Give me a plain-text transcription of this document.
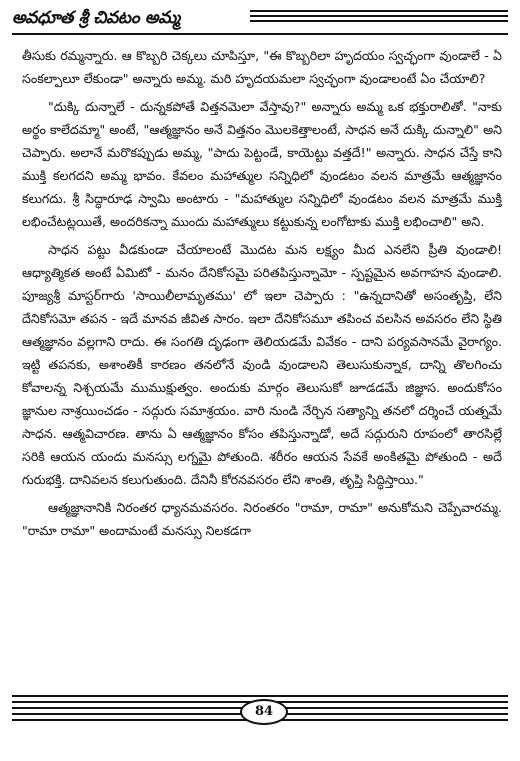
అవధూత శ్రీ చివటం అమ్మ

తీసుకు రమ్మన్నారు. ఆ కొబ్బరి చెక్కలు చూపిస్తూ, "ఈ కొబ్బరిలా హృదయం స్వచ్ఛంగా వుండాలే - ఏ సంకల్పాలూ లేకుండా" అన్నారు అమ్మ. మరి హృదయమలా స్వచ్ఛంగా వుండాలంటే ఏం చేయాలి?

"దుక్కి దున్నాలే - దున్నకపోతే విత్తనమెలా వేస్తావు?" అన్నారు అమ్మ ఒక భక్తురాలితో. "నాకు అర్థం కాలేదమ్మా" అంటే, "ఆత్మజ్ఞానం అనే విత్తనం మొలకెత్తాలంటే, సాధన అనే దుక్కి దున్నాలి" అని చెప్పారు. అలానే మరొకప్పుడు అమ్మ, "పాదు పెట్టండే, కాయెట్టు వత్తదే!" అన్నారు. సాధన చేస్తే కాని ముక్తి కలగదని అమ్మ భావం. కేవలం మహాత్ముల సన్నిధిలో వుండటం వలన మాత్రమే ఆత్మజ్ఞానం కలుగదు. శ్రీ సిద్ధారూఢ స్వామి అంటారు - "మహాత్ముల సన్నిధిలో వుండటం వలన మాత్రమే ముక్తి లభించేటట్లయితే, అందరికన్నా ముందు మహాత్ములు కట్టుకున్న లంగోటాకు ముక్తి లభించాలి" అని.

సాధన పట్టు వీడకుండా చేయాలంటే మొదట మన లక్ష్యం మీద ఎనలేని ప్రీతి వుండాలి! ఆధ్యాత్మికత అంటే ఏమిటో - మనం దేనికోసమై పరితపిస్తున్నామో - స్పష్టమైన అవగాహన వుండాలి. పూజ్యశ్రీ మాస్టర్‌గారు 'సాయిలీలామృతము' లో ఇలా చెప్పారు : "ఉన్నదానితో అసంతృప్తి, లేని దేనికోసమో తపన - ఇదే మానవ జీవిత సారం. ఇలా దేనికోసమూ తపించ వలసిన అవసరం లేని స్థితి ఆత్మజ్ఞానం వల్లగాని రాదు. ఈ సంగతి దృఢంగా తెలియడమే వివేకం - దాని పర్యవసానమే వైరాగ్యం. ఇట్టి తపనకు, అశాంతికీ కారణం తనలోనే వుండి వుండాలని తెలుసుకున్నాక, దాన్ని తొలగించు కోవాలన్న నిశ్చయమే ముముక్షుత్వం. అందుకు మార్గం తెలుసుకో జూడడమే జిజ్ఞాస. అందుకోసం జ్ఞానుల నాశ్రయించడం - సద్గురు సమాశ్రయం. వారి నుండి నేర్చిన సత్యాన్ని తనలో దర్శించే యత్నమే సాధన. ఆత్మవిచారణ. తాను ఏ ఆత్మజ్ఞానం కోసం తపిస్తున్నాడో, అదే సద్గురుని రూపంలో తారసిల్లే సరికి ఆయన యందు మనస్సు లగ్నమై పోతుంది. శరీరం ఆయన సేవకే అంకితమై పోతుంది - అదే గురుభక్తి. దానివలన కలుగుతుంది. దేనినీ కోరనవసరం లేని శాంతి, తృప్తి సిద్ధిస్తాయి."

ఆత్మజ్ఞానానికి నిరంతర ధ్యానమవసరం. నిరంతరం "రామా, రామా" అనుకోమని చెప్పేవారమ్మ. "రామా రామా" అందామంటే మనస్సు నిలకడగా

84
